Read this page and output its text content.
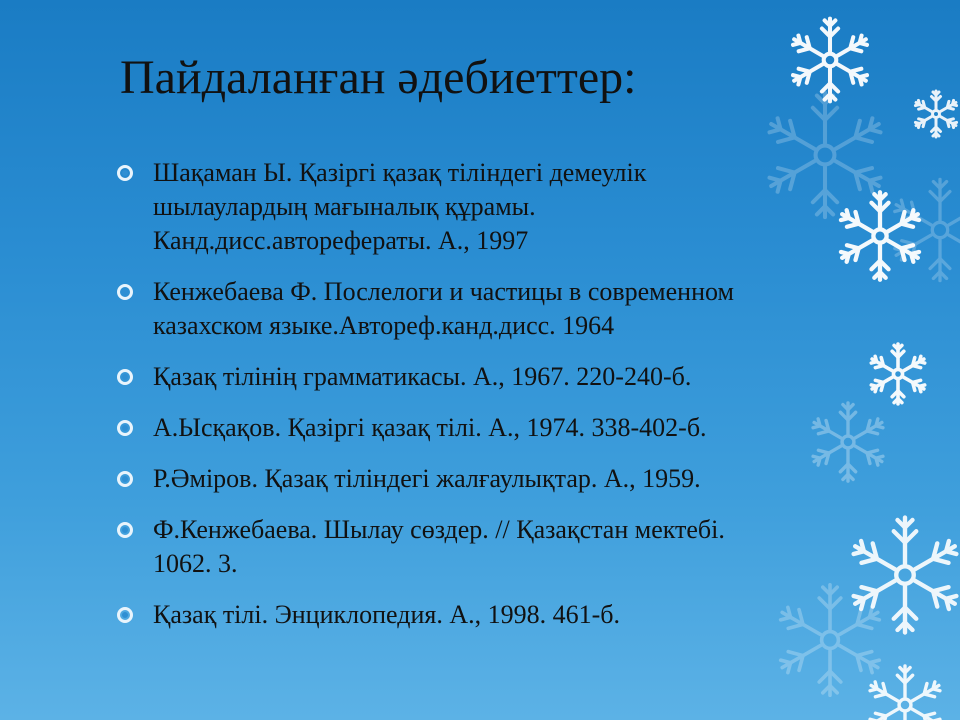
Пайдаланған әдебиеттер:
Шақаман Ы. Қазіргі қазақ тіліндегі демеулік
шылаулардың мағыналық құрамы.
Канд.дисс.авторефераты. А., 1997
Кенжебаева Ф. Послелоги и частицы в современном
казахском языке.Автореф.канд.дисс. 1964
Қазақ тілінің грамматикасы. А., 1967. 220-240-б.
А.Ысқақов. Қазіргі қазақ тілі. А., 1974. 338-402-б.
Р.Әміров. Қазақ тіліндегі жалғаулықтар. А., 1959.
Ф.Кенжебаева. Шылау сөздер. // Қазақстан мектебі.
1062. 3.
Қазақ тілі. Энциклопедия. А., 1998. 461-б.
